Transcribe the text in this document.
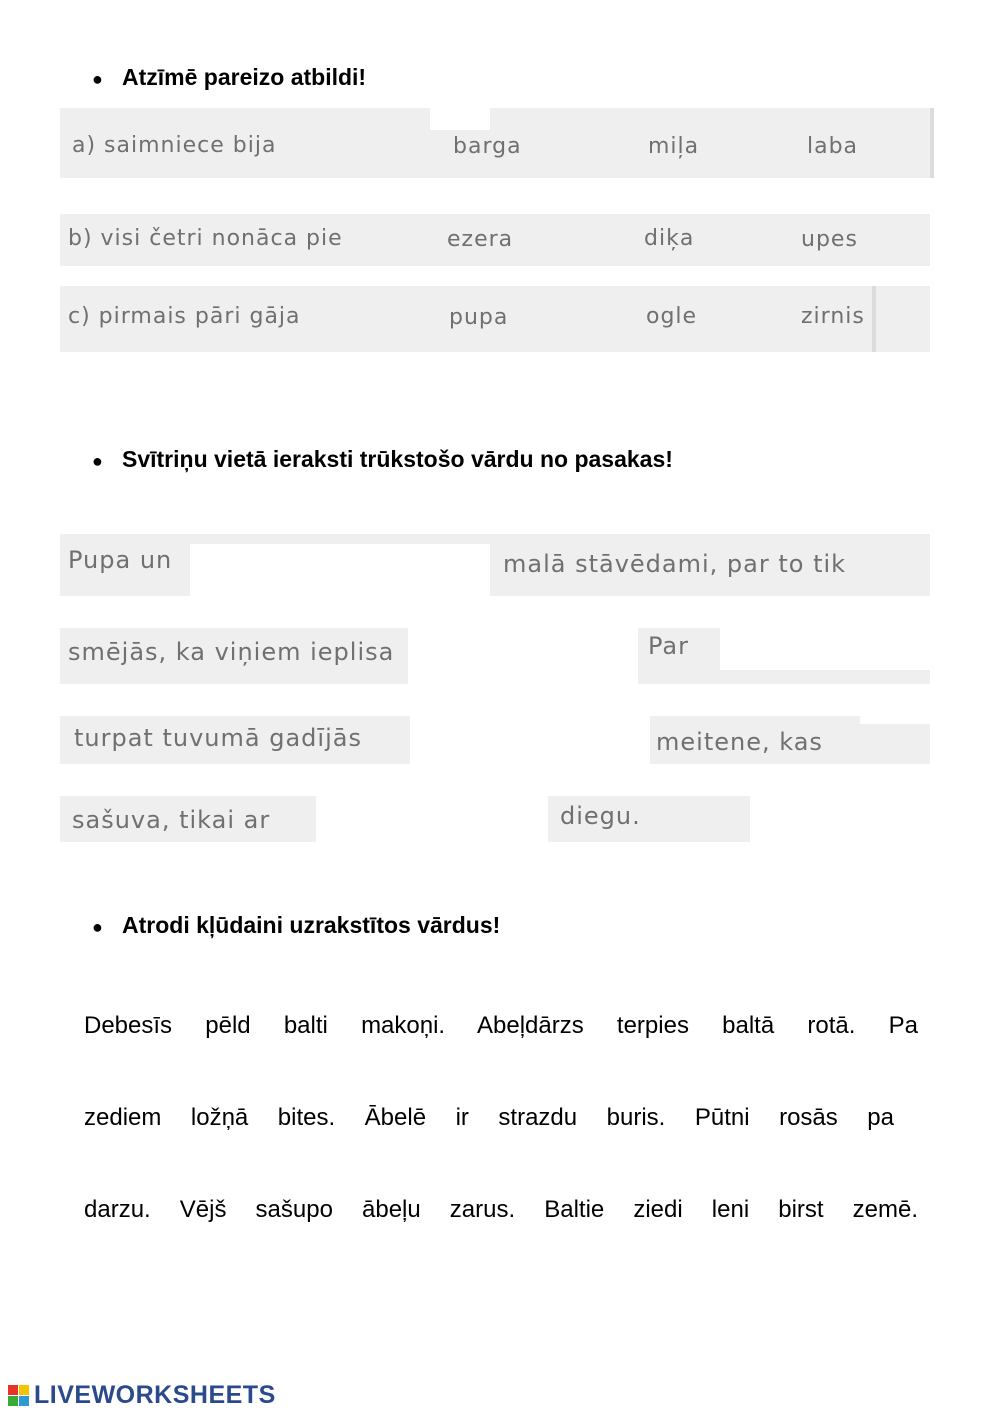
● Atzīmē pareizo atbildi!
a) saimniece bija	barga	miļa	laba
b) visi četri nonāca pie	ezera	diķa	upes
c) pirmais pāri gāja	pupa	ogle	zirnis
● Svītriņu vietā ieraksti trūkstošo vārdu no pasakas!
Pupa un	malā stāvēdami, par to tik
smējās, ka viņiem ieplisa	Par
turpat tuvumā gadījās	meitene, kas
sašuva, tikai ar	diegu.
● Atrodi kļūdaini uzrakstītos vārdus!
Debesīs pēld balti makoņi. Abeļdārzs terpies baltā rotā. Pa
zediem ložņā bites. Ābelē ir strazdu buris. Pūtni rosās pa
darzu. Vējš sašupo ābeļu zarus. Baltie ziedi leni birst zemē.
LIVEWORKSHEETS
